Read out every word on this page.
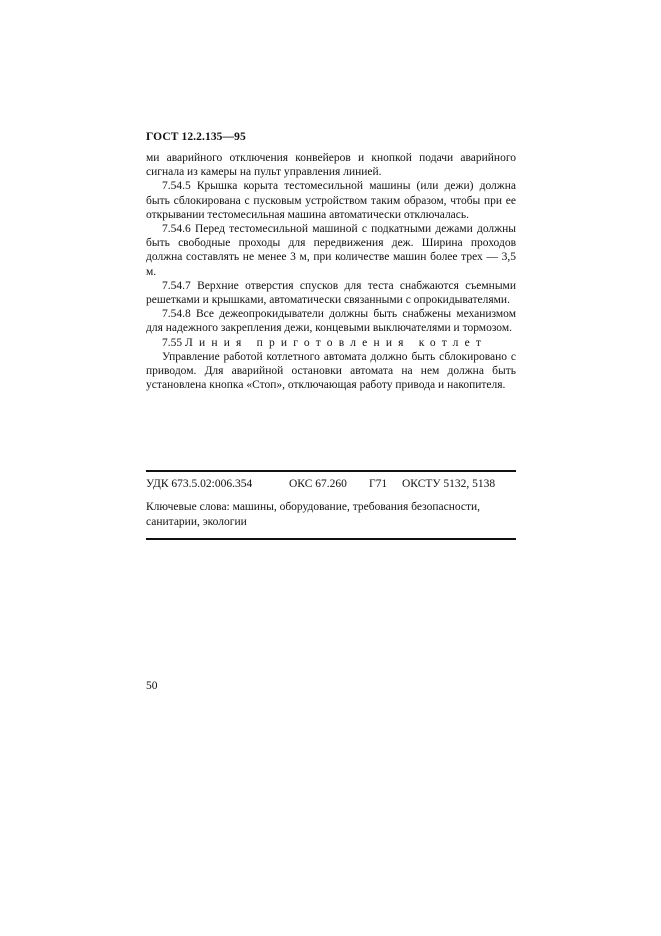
ГОСТ 12.2.135—95

ми аварийного отключения конвейеров и кнопкой подачи аварийного сигнала из камеры на пульт управления линией.

7.54.5 Крышка корыта тестомесильной машины (или дежи) должна быть сблокирована с пусковым устройством таким образом, чтобы при ее открывании тестомесильная машина автоматически отключалась.

7.54.6 Перед тестомесильной машиной с подкатными дежами должны быть свободные проходы для передвижения деж. Ширина проходов должна составлять не менее 3 м, при количестве машин более трех — 3,5 м.

7.54.7 Верхние отверстия спусков для теста снабжаются съемными решетками и крышками, автоматически связанными с опрокидывателями.

7.54.8 Все дежеопрокидыватели должны быть снабжены механизмом для надежного закрепления дежи, концевыми выключателями и тормозом.

7.55 Линия приготовления котлет

Управление работой котлетного автомата должно быть сблокировано с приводом. Для аварийной остановки автомата на нем должна быть установлена кнопка «Стоп», отключающая работу привода и накопителя.

УДК 673.5.02:006.354	ОКС 67.260 Г71 ОКСТУ 5132, 5138
Ключевые слова: машины, оборудование, требования безопасности, санитарии, экологии
50
